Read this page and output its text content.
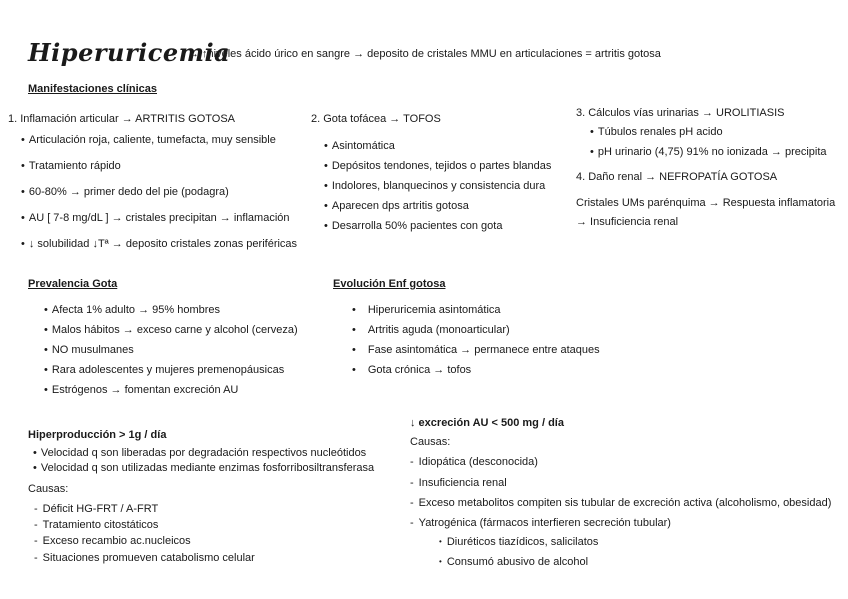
Hiperuricemia
→ ↑niveles ácido úrico en sangre → deposito de cristales MMU en articulaciones = artritis gotosa
Manifestaciones clínicas
1. Inflamación articular → ARTRITIS GOTOSA
• Articulación roja, caliente, tumefacta, muy sensible
• Tratamiento rápido
• 60-80% → primer dedo del pie (podagra)
• AU [ 7-8 mg/dL ] → cristales precipitan → inflamación
• ↓ solubilidad ↓Tª → deposito cristales zonas periféricas
2. Gota tofácea → TOFOS
• Asintomática
• Depósitos tendones, tejidos o partes blandas
• Indolores, blanquecinos y consistencia dura
• Aparecen dps artritis gotosa
• Desarrolla 50% pacientes con gota
3. Cálculos vías urinarias → UROLITIASIS
• Túbulos renales pH acido
• pH urinario (4,75) 91% no ionizada → precipita
4. Daño renal → NEFROPATÍA GOTOSA
Cristales UMs parénquima → Respuesta inflamatoria
→ Insuficiencia renal
Prevalencia Gota
• Afecta 1% adulto → 95% hombres
• Malos hábitos → exceso carne y alcohol (cerveza)
• NO musulmanes
• Rara adolescentes y mujeres premenopáusicas
• Estrógenos → fomentan excreción AU
Evolución Enf gotosa
• Hiperuricemia asintomática
• Artritis aguda (monoarticular)
• Fase asintomática → permanece entre ataques
• Gota crónica → tofos
Hiperproducción > 1g / día
• Velocidad q son liberadas por degradación respectivos nucleótidos
• Velocidad q son utilizadas mediante enzimas fosforribosiltransferasa
Causas:
- Déficit HG-FRT / A-FRT
- Tratamiento citostáticos
- Exceso recambio ac.nucleicos
- Situaciones promueven catabolismo celular
↓ excreción AU < 500 mg / día
Causas:
- Idiopática (desconocida)
- Insuficiencia renal
- Exceso metabolitos compiten sis tubular de excreción activa (alcoholismo, obesidad)
- Yatrogénica (fármacos interfieren secreción tubular)
• Diuréticos tiazídicos, salicilatos
• Consumó abusivo de alcohol
